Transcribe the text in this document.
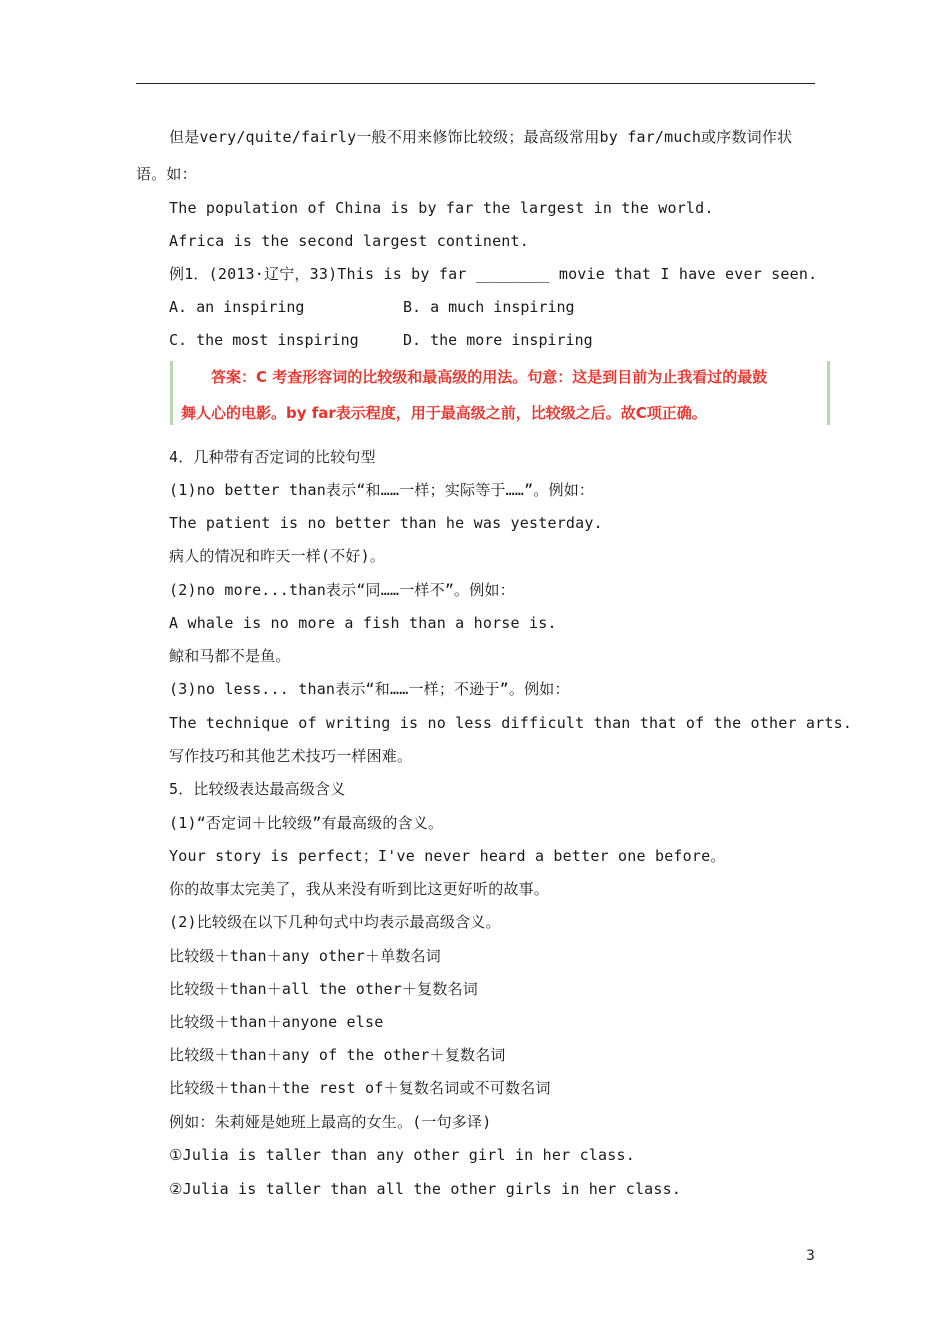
但是very/quite/fairly一般不用来修饰比较级；最高级常用by far/much或序数词作状
语。如：
The population of China is by far the largest in the world.
Africa is the second largest continent.
例1．(2013·辽宁，33)This is by far ________ movie that I have ever seen.
A. an inspiring	B. a much inspiring
C. the most inspiring	D. the more inspiring
答案：C 考查形容词的比较级和最高级的用法。句意：这是到目前为止我看过的最鼓
舞人心的电影。by far表示程度，用于最高级之前，比较级之后。故C项正确。
4．几种带有否定词的比较句型
(1)no better than表示“和……一样；实际等于……”。例如：
The patient is no better than he was yesterday.
病人的情况和昨天一样(不好)。
(2)no more...than表示“同……一样不”。例如：
A whale is no more a fish than a horse is.
鲸和马都不是鱼。
(3)no less... than表示“和……一样；不逊于”。例如：
The technique of writing is no less difficult than that of the other arts.
写作技巧和其他艺术技巧一样困难。
5．比较级表达最高级含义
(1)“否定词＋比较级”有最高级的含义。
Your story is perfect；I've never heard a better one before。
你的故事太完美了，我从来没有听到比这更好听的故事。
(2)比较级在以下几种句式中均表示最高级含义。
比较级＋than＋any other＋单数名词
比较级＋than＋all the other＋复数名词
比较级＋than＋anyone else
比较级＋than＋any of the other＋复数名词
比较级＋than＋the rest of＋复数名词或不可数名词
例如：朱莉娅是她班上最高的女生。(一句多译)
①Julia is taller than any other girl in her class.
②Julia is taller than all the other girls in her class.
3
